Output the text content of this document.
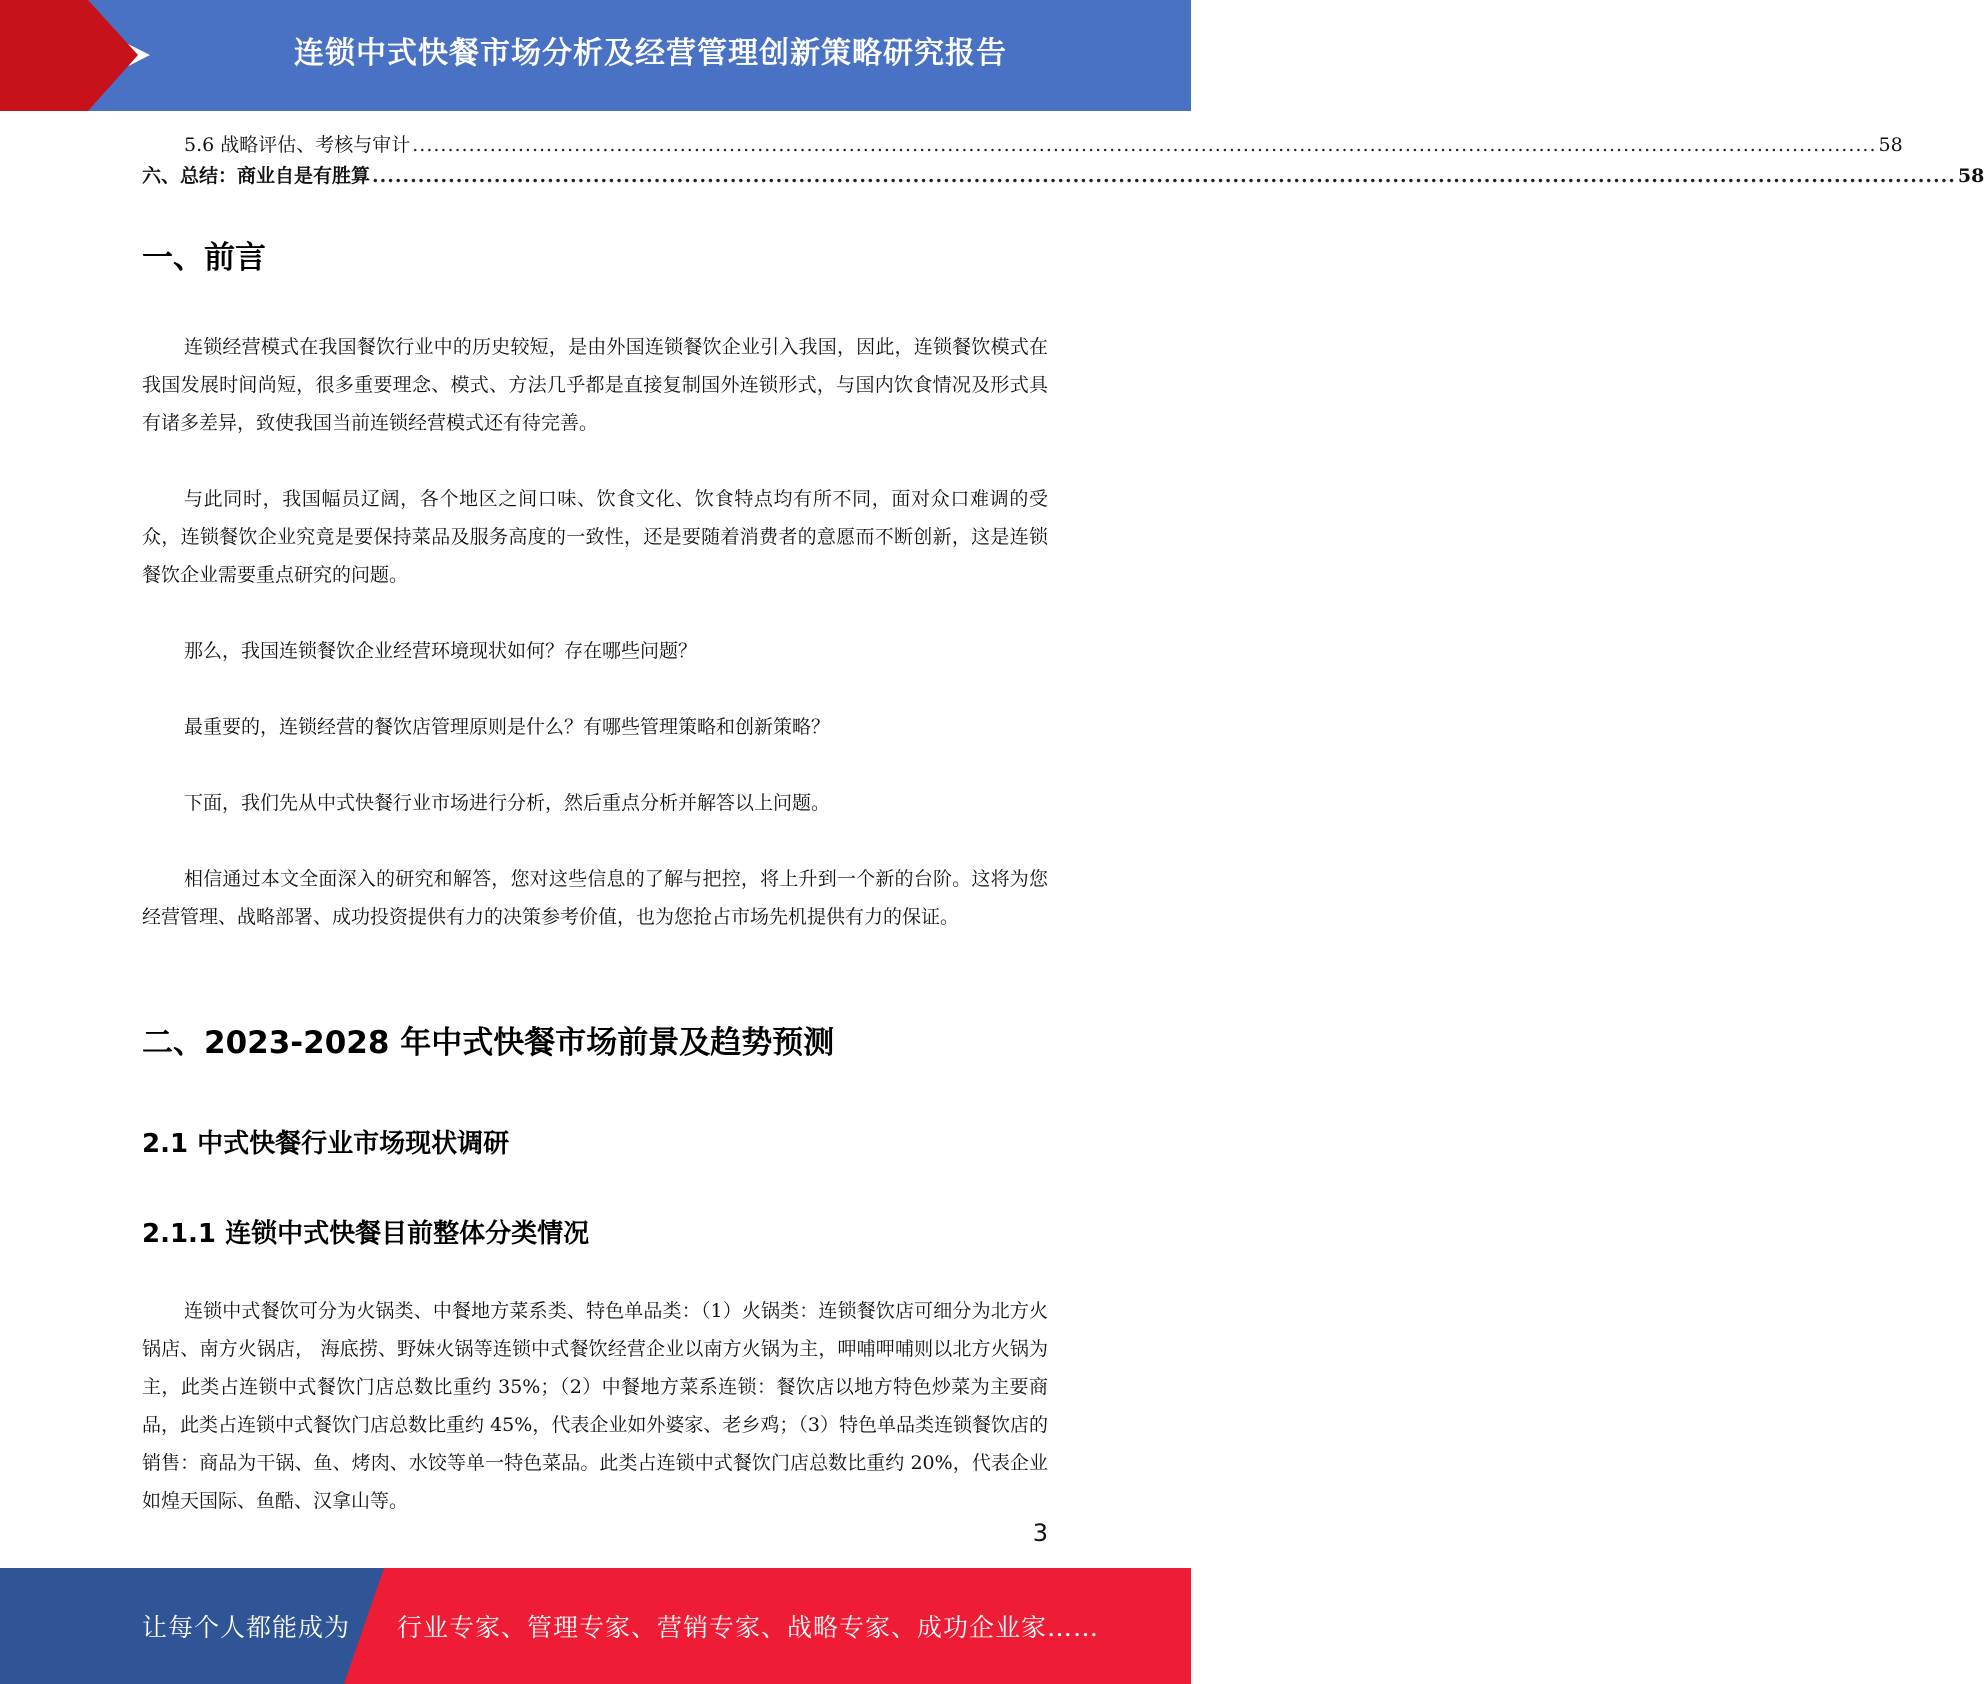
连锁中式快餐市场分析及经营管理创新策略研究报告
5.6 战略评估、考核与审计 ................................................................................................................................................................................................................ 58
六、总结：商业自是有胜算 ................................................................................................................................................................................................................ 58
一、前言

连锁经营模式在我国餐饮行业中的历史较短，是由外国连锁餐饮企业引入我国，因此，连锁餐饮模式在我国发展时间尚短，很多重要理念、模式、方法几乎都是直接复制国外连锁形式，与国内饮食情况及形式具有诸多差异，致使我国当前连锁经营模式还有待完善。

与此同时，我国幅员辽阔，各个地区之间口味、饮食文化、饮食特点均有所不同，面对众口难调的受众，连锁餐饮企业究竟是要保持菜品及服务高度的一致性，还是要随着消费者的意愿而不断创新，这是连锁餐饮企业需要重点研究的问题。

那么，我国连锁餐饮企业经营环境现状如何？存在哪些问题？

最重要的，连锁经营的餐饮店管理原则是什么？有哪些管理策略和创新策略？

下面，我们先从中式快餐行业市场进行分析，然后重点分析并解答以上问题。

相信通过本文全面深入的研究和解答，您对这些信息的了解与把控，将上升到一个新的台阶。这将为您经营管理、战略部署、成功投资提供有力的决策参考价值，也为您抢占市场先机提供有力的保证。

二、2023-2028 年中式快餐市场前景及趋势预测
2.1 中式快餐行业市场现状调研
2.1.1 连锁中式快餐目前整体分类情况

连锁中式餐饮可分为火锅类、中餐地方菜系类、特色单品类：（1）火锅类：连锁餐饮店可细分为北方火锅店、南方火锅店， 海底捞、野妹火锅等连锁中式餐饮经营企业以南方火锅为主，呷哺呷哺则以北方火锅为主，此类占连锁中式餐饮门店总数比重约 35%；（2）中餐地方菜系连锁：餐饮店以地方特色炒菜为主要商品，此类占连锁中式餐饮门店总数比重约 45%，代表企业如外婆家、老乡鸡；（3）特色单品类连锁餐饮店的销售：商品为干锅、鱼、烤肉、水饺等单一特色菜品。此类占连锁中式餐饮门店总数比重约 20%，代表企业如煌天国际、鱼酷、汉拿山等。

3
让每个人都能成为 行业专家、管理专家、营销专家、战略专家、成功企业家……
